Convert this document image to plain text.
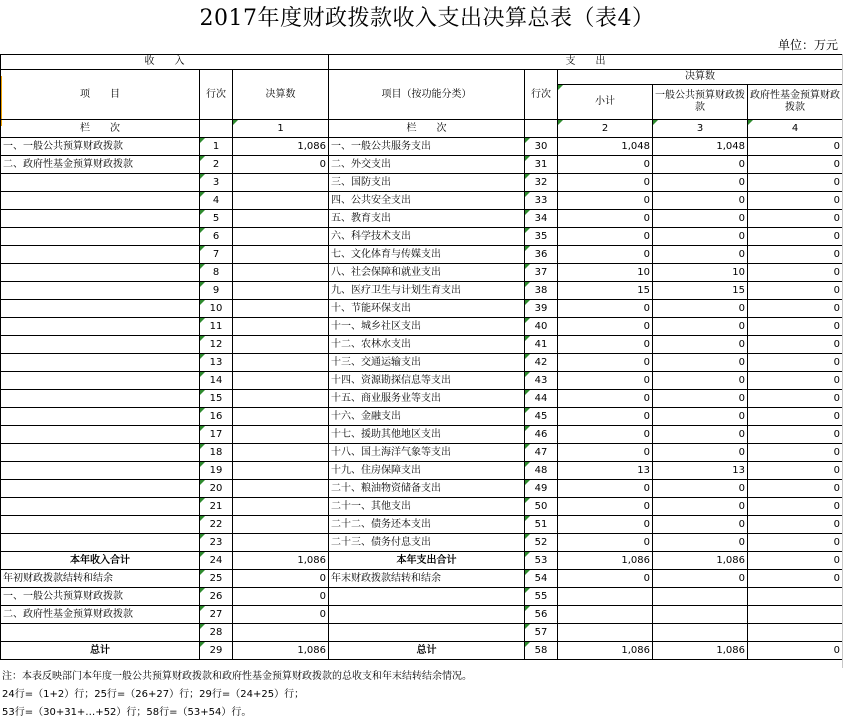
2017年度财政拨款收入支出决算总表（表4）
单位：万元
收　　入			支　　出				
项　　目	行次	决算数	项目（按功能分类）	行次	决算数		
					小计	一般公共预算财政拨款	政府性基金预算财政拨款
栏　　次		1	栏　　次		2	3	4
一、一般公共预算财政拨款	1	1,086	一、一般公共服务支出	30	1,048	1,048	0
二、政府性基金预算财政拨款	2	0	二、外交支出	31	0	0	0
	3		三、国防支出	32	0	0	0
	4		四、公共安全支出	33	0	0	0
	5		五、教育支出	34	0	0	0
	6		六、科学技术支出	35	0	0	0
	7		七、文化体育与传媒支出	36	0	0	0
	8		八、社会保障和就业支出	37	10	10	0
	9		九、医疗卫生与计划生育支出	38	15	15	0
	10		十、节能环保支出	39	0	0	0
	11		十一、城乡社区支出	40	0	0	0
	12		十二、农林水支出	41	0	0	0
	13		十三、交通运输支出	42	0	0	0
	14		十四、资源勘探信息等支出	43	0	0	0
	15		十五、商业服务业等支出	44	0	0	0
	16		十六、金融支出	45	0	0	0
	17		十七、援助其他地区支出	46	0	0	0
	18		十八、国土海洋气象等支出	47	0	0	0
	19		十九、住房保障支出	48	13	13	0
	20		二十、粮油物资储备支出	49	0	0	0
	21		二十一、其他支出	50	0	0	0
	22		二十二、债务还本支出	51	0	0	0
	23		二十三、债务付息支出	52	0	0	0
本年收入合计	24	1,086	本年支出合计	53	1,086	1,086	0
年初财政拨款结转和结余	25	0	年末财政拨款结转和结余	54	0	0	0
一、一般公共预算财政拨款	26	0		55			
二、政府性基金预算财政拨款	27	0		56			
	28			57			
总计	29	1,086	总计	58	1,086	1,086	0
注：本表反映部门本年度一般公共预算财政拨款和政府性基金预算财政拨款的总收支和年末结转结余情况。
24行=（1+2）行；25行=（26+27）行；29行=（24+25）行；
53行=（30+31+…+52）行；58行=（53+54）行。
